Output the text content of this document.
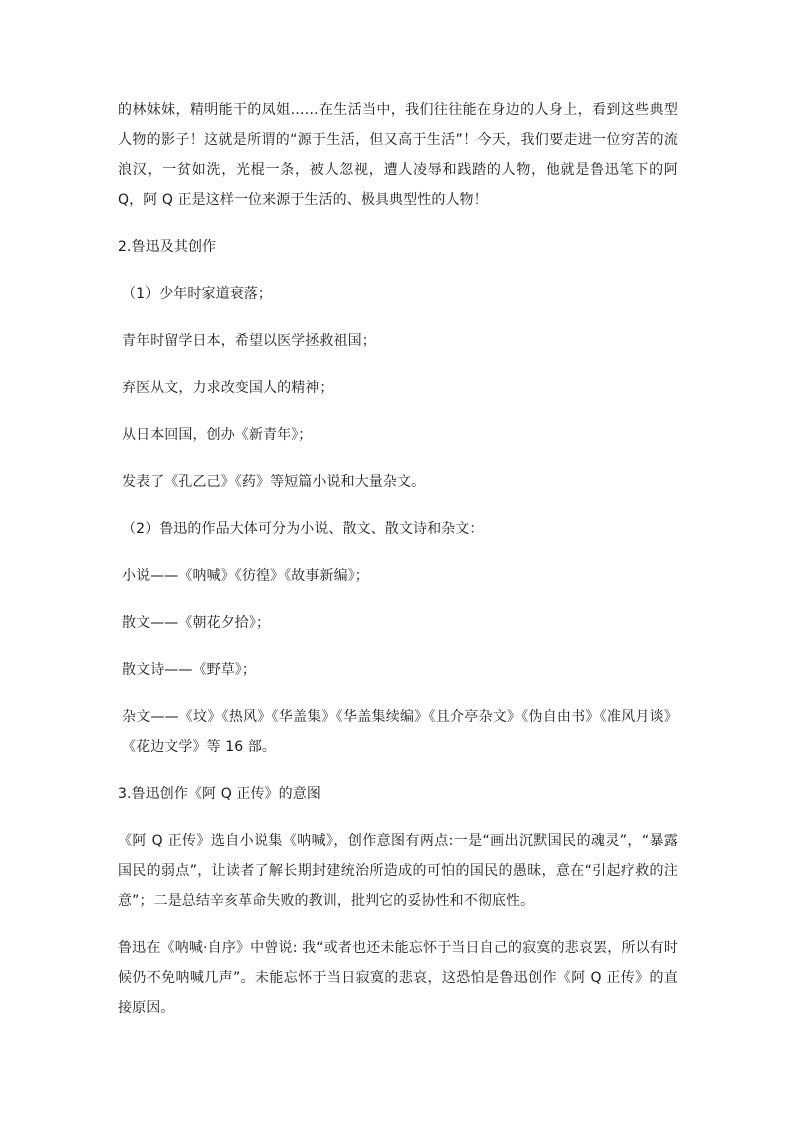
的林妹妹，精明能干的凤姐……在生活当中，我们往往能在身边的人身上，看到这些典型人物的影子！这就是所谓的“源于生活，但又高于生活”！今天，我们要走进一位穷苦的流浪汉，一贫如洗，光棍一条，被人忽视，遭人凌辱和践踏的人物，他就是鲁迅笔下的阿 Q，阿 Q 正是这样一位来源于生活的、极具典型性的人物！

2.鲁迅及其创作

（1）少年时家道衰落；

青年时留学日本，希望以医学拯救祖国；

弃医从文，力求改变国人的精神；

从日本回国，创办《新青年》；

发表了《孔乙己》《药》等短篇小说和大量杂文。

（2）鲁迅的作品大体可分为小说、散文、散文诗和杂文：

小说——《呐喊》《彷徨》《故事新编》；

散文——《朝花夕拾》；

散文诗——《野草》；

杂文——《坟》《热风》《华盖集》《华盖集续编》《且介亭杂文》《伪自由书》《准风月谈》《花边文学》等 16 部。

3.鲁迅创作《阿 Q 正传》的意图

《阿 Q 正传》选自小说集《呐喊》，创作意图有两点:一是“画出沉默国民的魂灵”，“暴露国民的弱点”，让读者了解长期封建统治所造成的可怕的国民的愚昧，意在“引起疗救的注意”；二是总结辛亥革命失败的教训，批判它的妥协性和不彻底性。

鲁迅在《呐喊·自序》中曾说: 我“或者也还未能忘怀于当日自己的寂寞的悲哀罢，所以有时候仍不免呐喊几声”。未能忘怀于当日寂寞的悲哀，这恐怕是鲁迅创作《阿 Q 正传》的直接原因。
